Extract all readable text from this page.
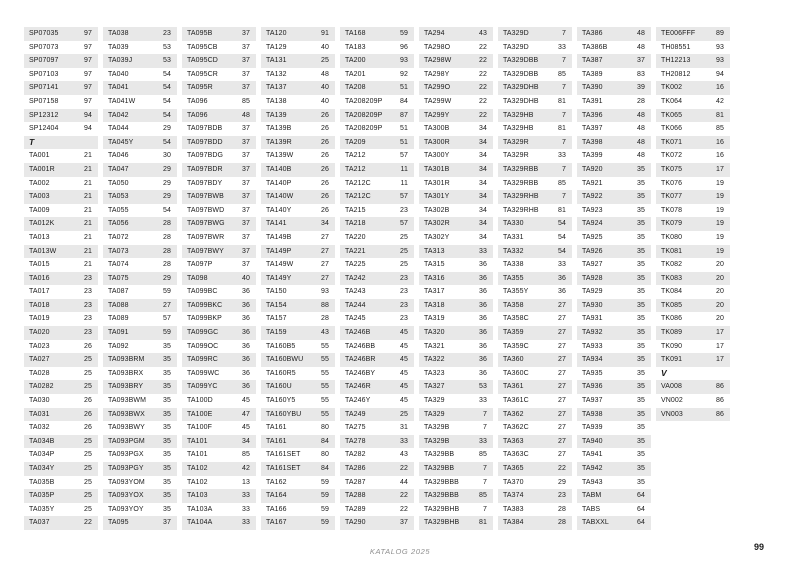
SP07035	97
SP07073	97
SP07097	97
SP07103	97
SP07141	97
SP07158	97
SP12312	94
SP12404	94
T
TA001	21
TA001R	21
TA002	21
TA003	21
TA009	21
TA012K	21
TA013	21
TA013W	21
TA015	21
TA016	23
TA017	23
TA018	23
TA019	23
TA020	23
TA023	26
TA027	25
TA028	25
TA0282	25
TA030	26
TA031	26
TA032	26
TA034B	25
TA034P	25
TA034Y	25
TA035B	25
TA035P	25
TA035Y	25
TA037	22
TA038	23
TA039	53
TA039J	53
TA040	54
TA041	54
TA041W	54
TA042	54
TA044	29
TA045Y	54
TA046	30
TA047	29
TA050	29
TA053	29
TA055	54
TA056	28
TA072	28
TA073	28
TA074	28
TA075	29
TA087	59
TA088	27
TA089	57
TA091	59
TA092	35
TA093BRM	35
TA093BRX	35
TA093BRY	35
TA093BWM 35
TA093BWX	35
TA093BWY	35
TA093PGM	35
TA093PGX	35
TA093PGY	35
TA093YOM	35
TA093YOX	35
TA093YOY	35
TA095	37
TA095B	37
TA095CB	37
TA095CD	37
TA095CR	37
TA095R	37
TA096	85
TA096	48
TA097BDB	37
TA097BDD	37
TA097BDG	37
TA097BDR	37
TA097BDY	37
TA097BWB	37
TA097BWD	37
TA097BWG 37
TA097BWR	37
TA097BWY	37
TA097P	37
TA098	40
TA099BC	36
TA099BKC	36
TA099BKP	36
TA099GC	36
TA099OC	36
TA099RC	36
TA099WC	36
TA099YC	36
TA100D	45
TA100E	47
TA100F	45
TA101	34
TA101	85
TA102	42
TA102	13
TA103	33
TA103A	33
TA104A	33
TA120	91
TA129	40
TA131	25
TA132	48
TA137	40
TA138	40
TA139	26
TA139B	26
TA139R	26
TA139W	26
TA140B	26
TA140P	26
TA140W	26
TA140Y	26
TA141	34
TA149B	27
TA149P	27
TA149W	27
TA149Y	27
TA150	93
TA154	88
TA157	28
TA159	43
TA160B5	55
TA160BWU	55
TA160R5	55
TA160U	55
TA160Y5	55
TA160YBU	55
TA161	80
TA161	84
TA161SET	80
TA161SET	84
TA162	59
TA164	59
TA166	59
TA167	59
TA168	59
TA183	96
TA200	93
TA201	92
TA208	51
TA208209P	84
TA208209P	87
TA208209P	51
TA209	51
TA212	57
TA212	11
TA212C	11
TA212C	57
TA215	23
TA218	57
TA220	25
TA221	25
TA225	25
TA242	23
TA243	23
TA244	23
TA245	23
TA246B	45
TA246BB	45
TA246BR	45
TA246BY	45
TA246R	45
TA246Y	45
TA249	25
TA275	31
TA278	33
TA282	43
TA286	22
TA287	44
TA288	22
TA289	22
TA290	37
TA294	43
TA298O	22
TA298W	22
TA298Y	22
TA299O	22
TA299W	22
TA299Y	22
TA300B	34
TA300R	34
TA300Y	34
TA301B	34
TA301R	34
TA301Y	34
TA302B	34
TA302R	34
TA302Y	34
TA313	33
TA315	36
TA316	36
TA317	36
TA318	36
TA319	36
TA320	36
TA321	36
TA322	36
TA323	36
TA327	53
TA329	33
TA329	7
TA329B	7
TA329B	33
TA329BB	85
TA329BB	7
TA329BBB	7
TA329BBB	85
TA329BHB	7
TA329BHB	81
TA329D	7
TA329D	33
TA329DBB	7
TA329DBB	85
TA329DHB	7
TA329DHB	81
TA329HB	7
TA329HB	81
TA329R	7
TA329R	33
TA329RBB	7
TA329RBB	85
TA329RHB	7
TA329RHB	81
TA330	54
TA331	54
TA332	54
TA338	33
TA355	36
TA355Y	36
TA358	27
TA358C	27
TA359	27
TA359C	27
TA360	27
TA360C	27
TA361	27
TA361C	27
TA362	27
TA362C	27
TA363	27
TA363C	27
TA365	22
TA370	29
TA374	23
TA383	28
TA384	28
TA386	48
TA386B	48
TA387	37
TA389	83
TA390	39
TA391	28
TA396	48
TA397	48
TA398	48
TA399	48
TA920	35
TA921	35
TA922	35
TA923	35
TA924	35
TA925	35
TA926	35
TA927	35
TA928	35
TA929	35
TA930	35
TA931	35
TA932	35
TA933	35
TA934	35
TA935	35
TA936	35
TA937	35
TA938	35
TA939	35
TA940	35
TA941	35
TA942	35
TA943	35
TABM	64
TABS	64
TABXXL	64
TE006FFF	89
TH08551	93
TH12213	93
TH20812	94
TK002	16
TK064	42
TK065	81
TK066	85
TK071	16
TK072	16
TK075	17
TK076	19
TK077	19
TK078	19
TK079	19
TK080	19
TK081	19
TK082	20
TK083	20
TK084	20
TK085	20
TK086	20
TK089	17
TK090	17
TK091	17
V
VA008	86
VN002	86
VN003	86
KATALOG 2025	99
